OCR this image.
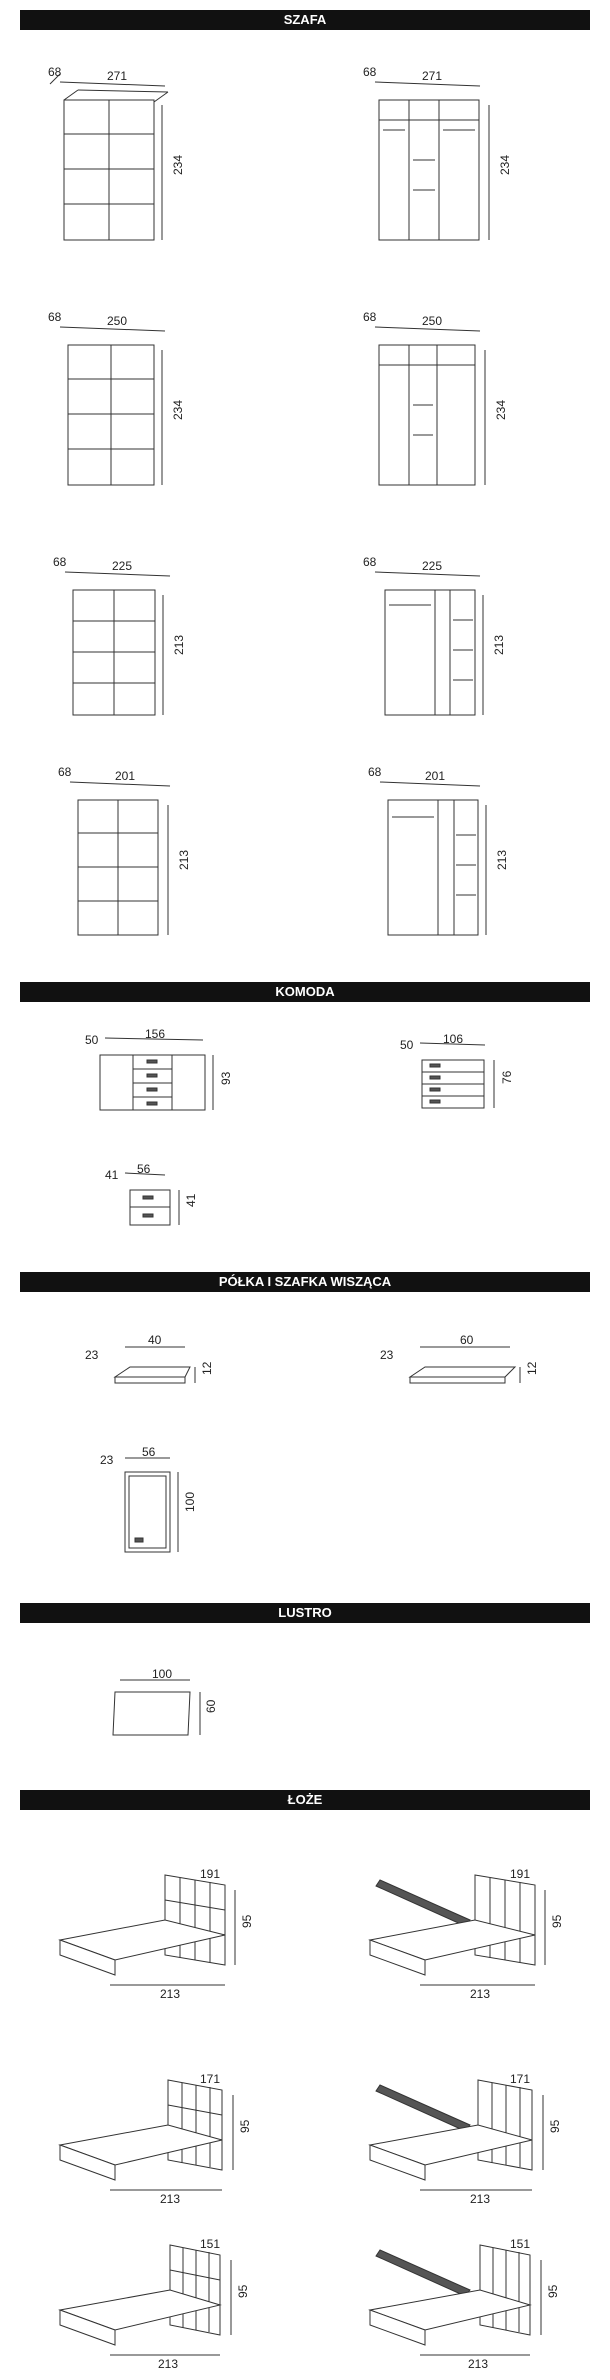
SZAFA
271
68
234
271
68
234
250
68
234
250
68
234
225
68
213
225
68
213
201
68
213
201
68
213
KOMODA
156
50
93
106
50
76
56
41
41
PÓŁKA I SZAFKA WISZĄCA
40
23
12
60
23
12
56
23
100
LUSTRO
100
60
ŁOŻE
191
95
213
191
95
213
171
95
213
171
95
213
151
95
213
151
95
213
